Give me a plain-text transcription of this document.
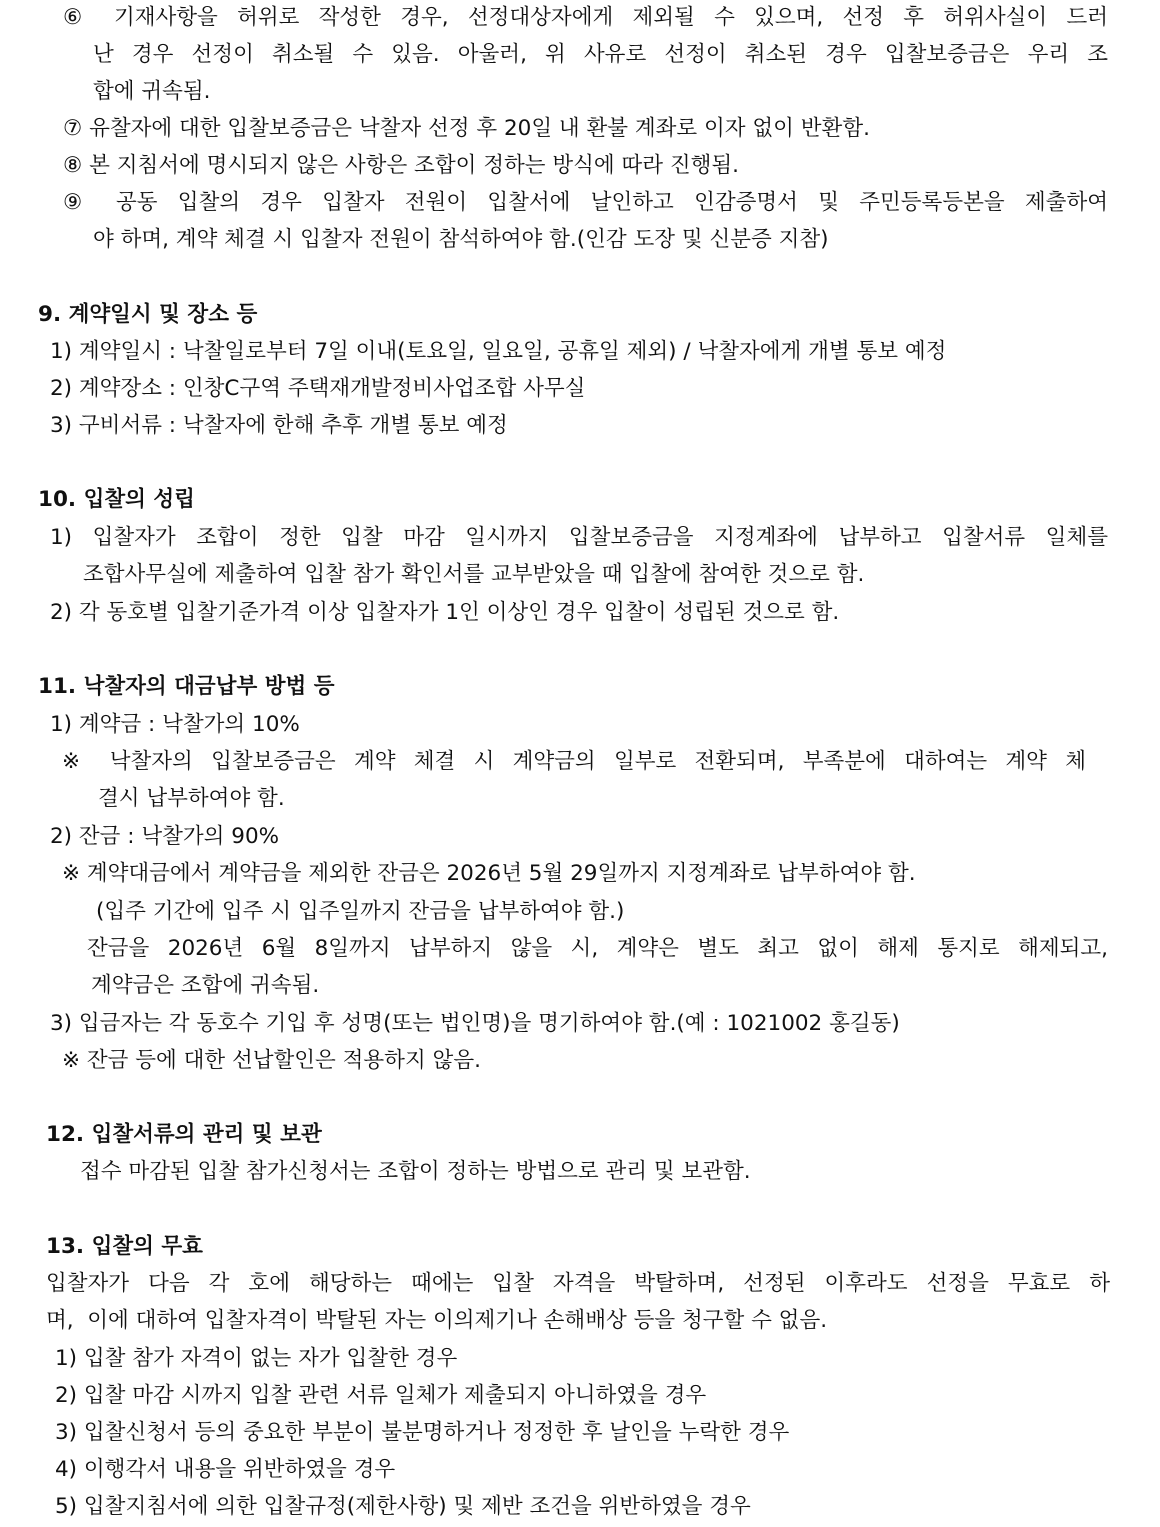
⑥ 기재사항을 허위로 작성한 경우, 선정대상자에게 제외될 수 있으며, 선정 후 허위사실이 드러
난 경우 선정이 취소될 수 있음. 아울러, 위 사유로 선정이 취소된 경우 입찰보증금은 우리 조
합에 귀속됨.
⑦ 유찰자에 대한 입찰보증금은 낙찰자 선정 후 20일 내 환불 계좌로 이자 없이 반환함.
⑧ 본 지침서에 명시되지 않은 사항은 조합이 정하는 방식에 따라 진행됨.
⑨ 공동 입찰의 경우 입찰자 전원이 입찰서에 날인하고 인감증명서 및 주민등록등본을 제출하여
야 하며, 계약 체결 시 입찰자 전원이 참석하여야 함.(인감 도장 및 신분증 지참)
9. 계약일시 및 장소 등
1) 계약일시 : 낙찰일로부터 7일 이내(토요일, 일요일, 공휴일 제외) / 낙찰자에게 개별 통보 예정
2) 계약장소 : 인창C구역 주택재개발정비사업조합 사무실
3) 구비서류 : 낙찰자에 한해 추후 개별 통보 예정
10. 입찰의 성립
1) 입찰자가 조합이 정한 입찰 마감 일시까지 입찰보증금을 지정계좌에 납부하고 입찰서류 일체를
조합사무실에 제출하여 입찰 참가 확인서를 교부받았을 때 입찰에 참여한 것으로 함.
2) 각 동호별 입찰기준가격 이상 입찰자가 1인 이상인 경우 입찰이 성립된 것으로 함.
11. 낙찰자의 대금납부 방법 등
1) 계약금 : 낙찰가의 10%
※ 낙찰자의 입찰보증금은 계약 체결 시 계약금의 일부로 전환되며, 부족분에 대하여는 계약 체
결시 납부하여야 함.
2) 잔금 : 낙찰가의 90%
※ 계약대금에서 계약금을 제외한 잔금은 2026년 5월 29일까지 지정계좌로 납부하여야 함.
(입주 기간에 입주 시 입주일까지 잔금을 납부하여야 함.)
잔금을 2026년 6월 8일까지 납부하지 않을 시, 계약은 별도 최고 없이 해제 통지로 해제되고,
계약금은 조합에 귀속됨.
3) 입금자는 각 동호수 기입 후 성명(또는 법인명)을 명기하여야 함.(예 : 1021002 홍길동)
※ 잔금 등에 대한 선납할인은 적용하지 않음.
12. 입찰서류의 관리 및 보관
접수 마감된 입찰 참가신청서는 조합이 정하는 방법으로 관리 및 보관함.
13. 입찰의 무효
입찰자가 다음 각 호에 해당하는 때에는 입찰 자격을 박탈하며, 선정된 이후라도 선정을 무효로 하
며,  이에 대하여 입찰자격이 박탈된 자는 이의제기나 손해배상 등을 청구할 수 없음.
1) 입찰 참가 자격이 없는 자가 입찰한 경우
2) 입찰 마감 시까지 입찰 관련 서류 일체가 제출되지 아니하였을 경우
3) 입찰신청서 등의 중요한 부분이 불분명하거나 정정한 후 날인을 누락한 경우
4) 이행각서 내용을 위반하였을 경우
5) 입찰지침서에 의한 입찰규정(제한사항) 및 제반 조건을 위반하였을 경우
